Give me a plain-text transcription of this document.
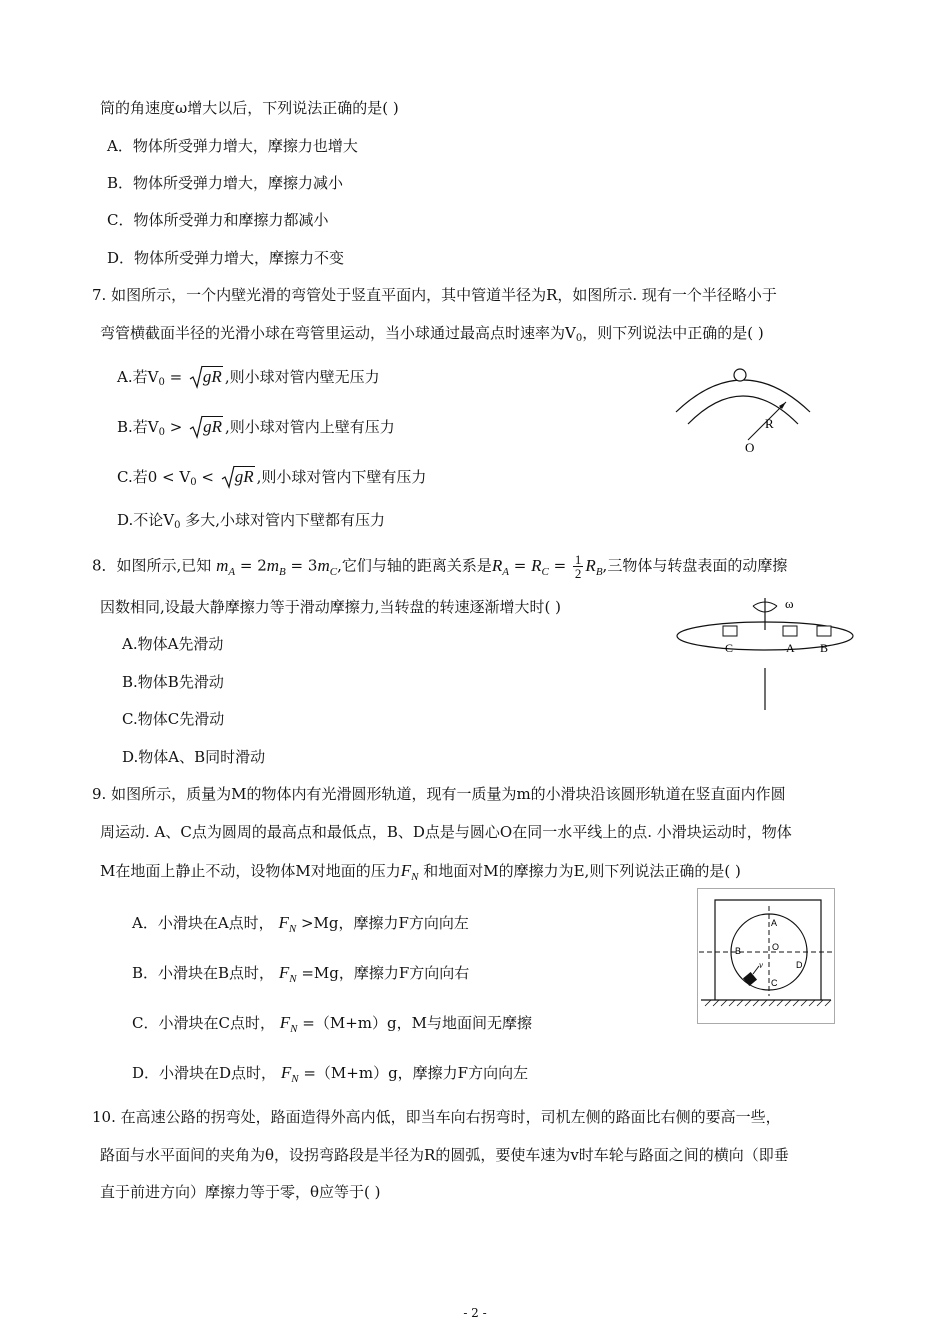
筒的角速度ω增大以后，下列说法正确的是( )
A．物体所受弹力增大，摩擦力也增大
B．物体所受弹力增大，摩擦力减小
C．物体所受弹力和摩擦力都减小
D．物体所受弹力增大，摩擦力不变
7. 如图所示，一个内壁光滑的弯管处于竖直平面内，其中管道半径为R，如图所示. 现有一个半径略小于
弯管横截面半径的光滑小球在弯管里运动，当小球通过最高点时速率为$V_0$，则下列说法中正确的是( )
A.若$V_0$ =
gR ,则小球对管内壁无压力
B.若$V_0$ >
gR ,则小球对管内上壁有压力
C.若$0 < V_0$ <
gR ,则小球对管内下壁有压力
D.不论$V_0$ 多大,小球对管内下壁都有压力
R
O
8．如图所示,已知 $m_A = 2m_B = 3m_C$,它们与轴的距离关系是$R_A = R_C = \frac{1}{2} R_B$,三物体与转盘表面的动摩擦
因数相同,设最大静摩擦力等于滑动摩擦力,当转盘的转速逐渐增大时( )
A.物体A先滑动
B.物体B先滑动
C.物体C先滑动
D.物体A、B同时滑动
ω
C	A B
9. 如图所示，质量为M的物体内有光滑圆形轨道，现有一质量为m的小滑块沿该圆形轨道在竖直面内作圆
周运动. A、C点为圆周的最高点和最低点，B、D点是与圆心O在同一水平线上的点. 小滑块运动时，物体
M在地面上静止不动，设物体M对地面的压力$F_N$ 和地面对M的摩擦力为E,则下列说法正确的是( )
A．小滑块在A点时， $F_N >Mg$，摩擦力F方向向左
B．小滑块在B点时， $F_N =Mg$，摩擦力F方向向右
C．小滑块在C点时， $F_N =(M+m)g$，M与地面间无摩擦
D．小滑块在D点时， $F_N =(M+m)g$，摩擦力F方向向左
A
B
C
D
O
v
10. 在高速公路的拐弯处，路面造得外高内低，即当车向右拐弯时，司机左侧的路面比右侧的要高一些，
路面与水平面间的夹角为θ，设拐弯路段是半径为R的圆弧，要使车速为v时车轮与路面之间的横向（即垂
直于前进方向）摩擦力等于零，θ应等于( )
- 2 -
